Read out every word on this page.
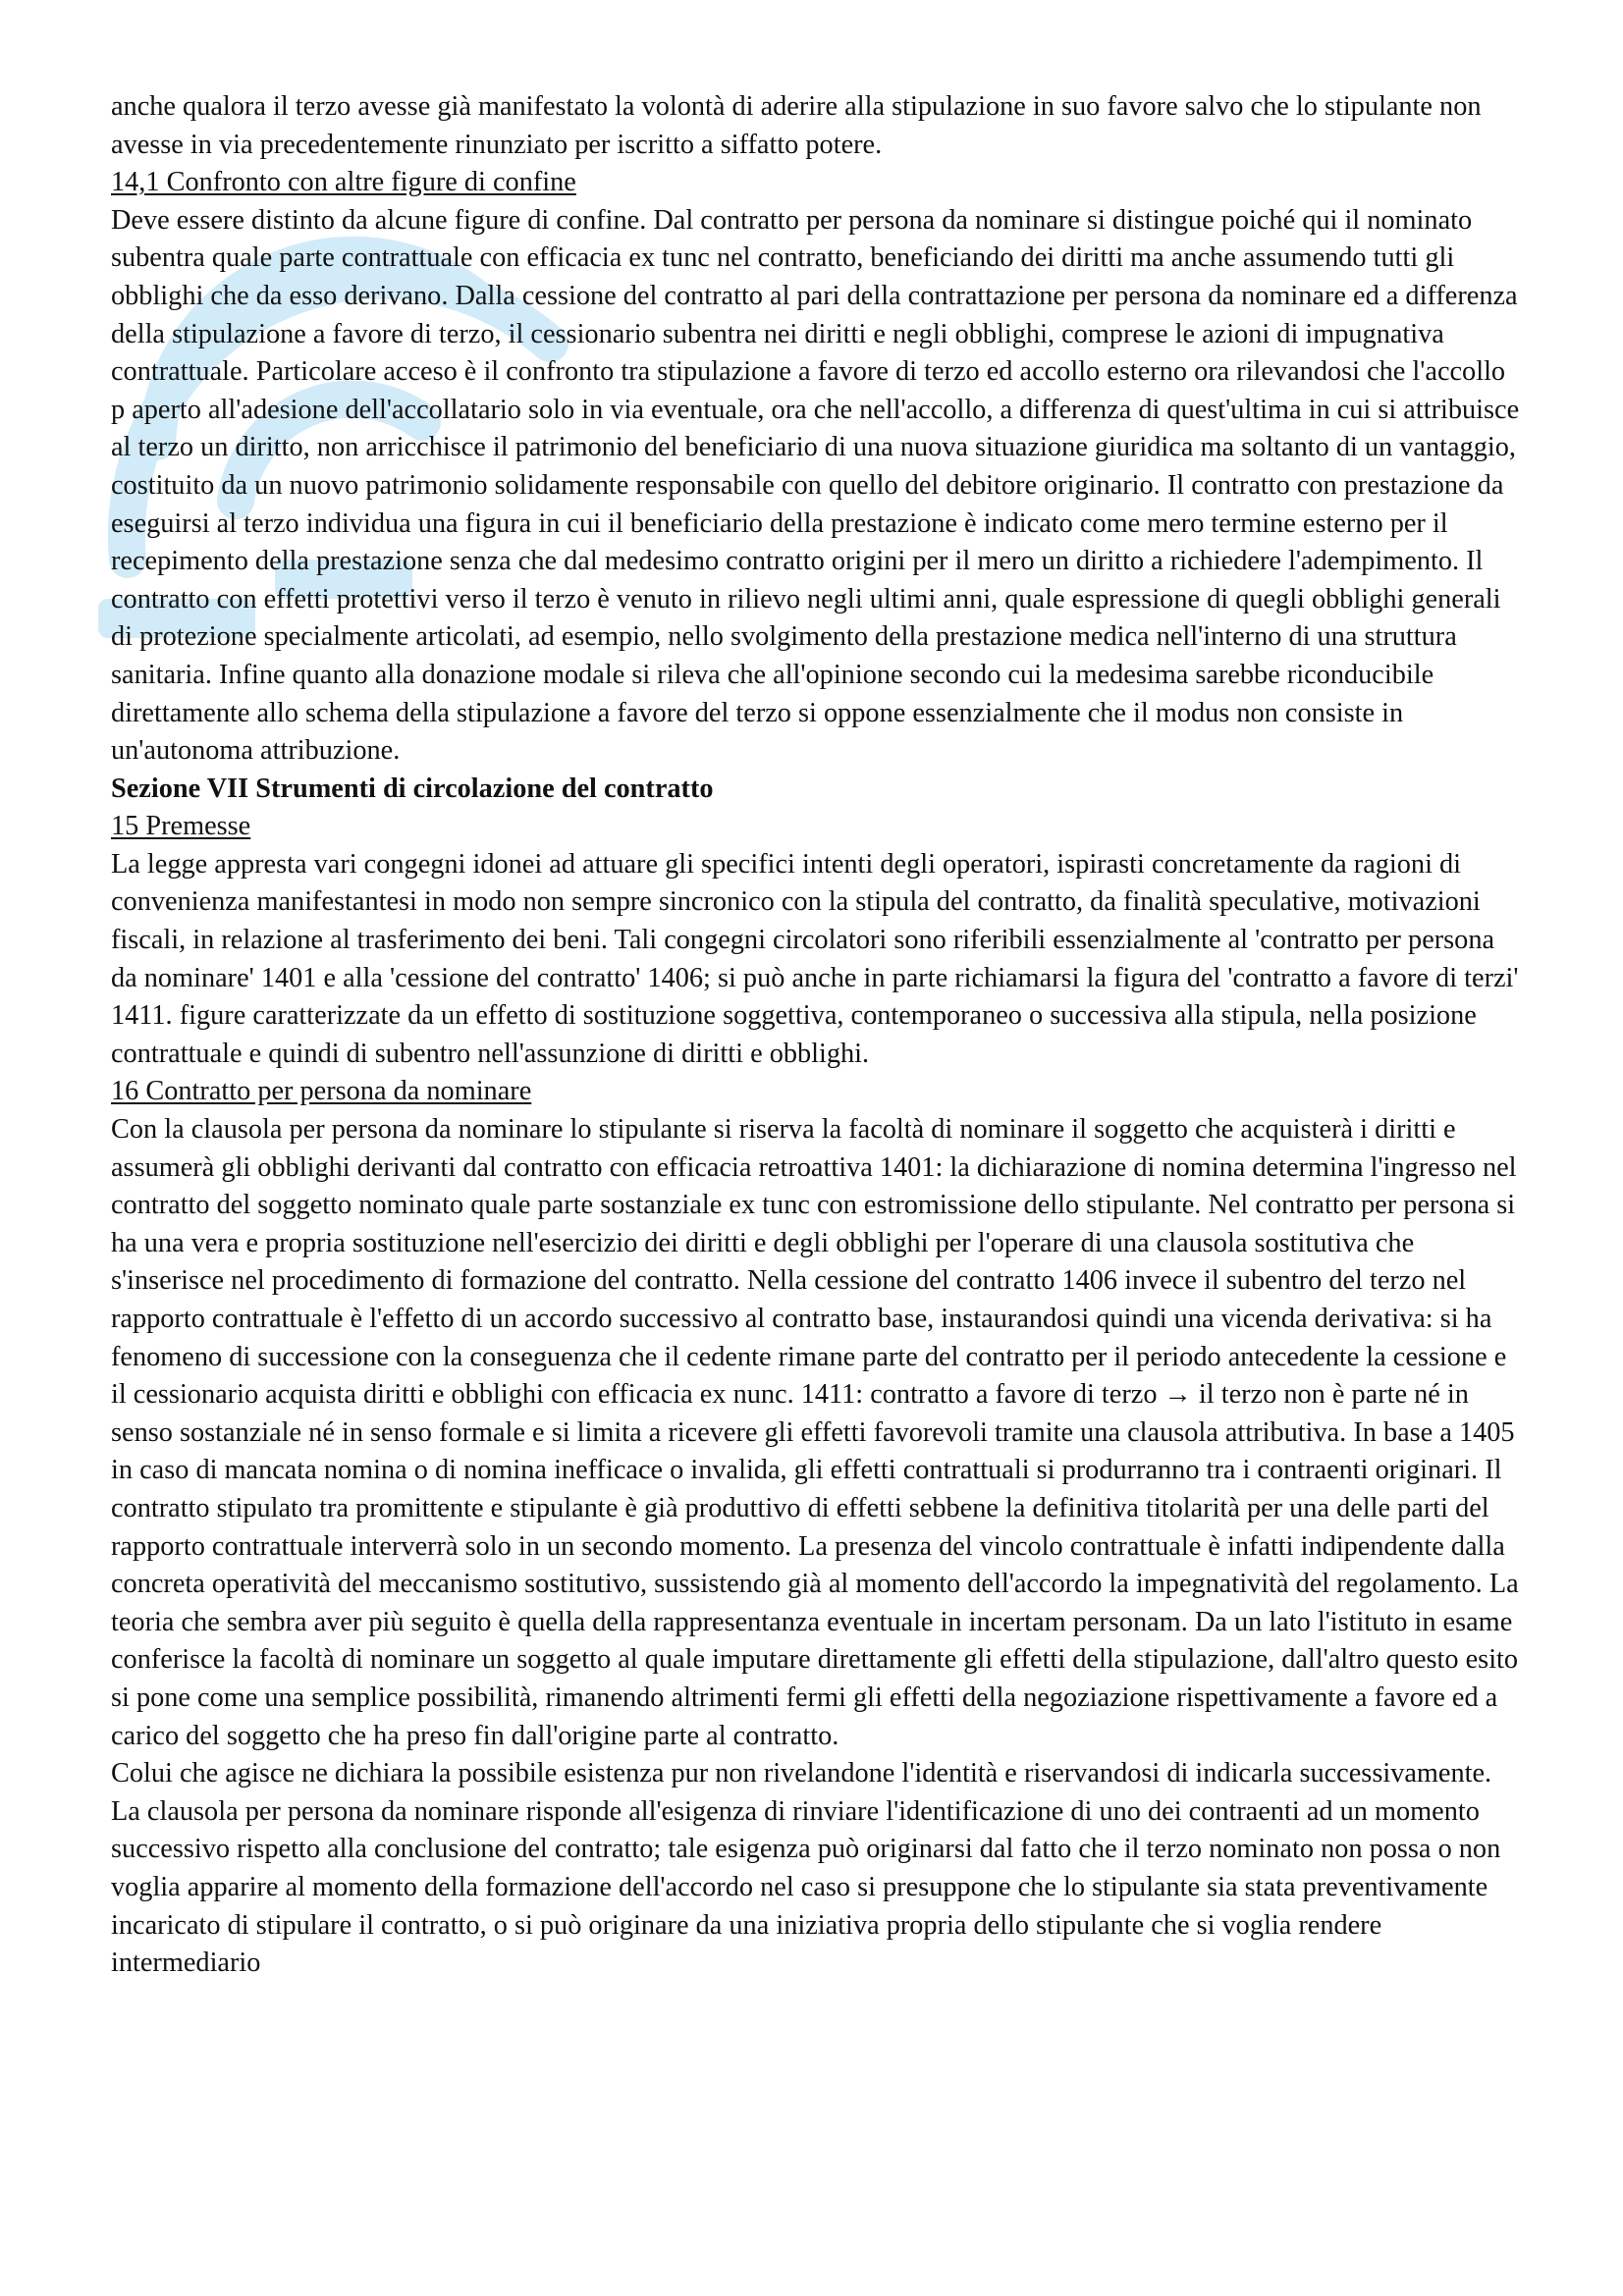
anche qualora il terzo avesse già manifestato la volontà di aderire alla stipulazione in suo favore salvo che lo stipulante non avesse in via precedentemente rinunziato per iscritto a siffatto potere.

14,1 Confronto con altre figure di confine

Deve essere distinto da alcune figure di confine. Dal contratto per persona da nominare si distingue poiché qui il nominato subentra quale parte contrattuale con efficacia ex tunc nel contratto, beneficiando dei diritti ma anche assumendo tutti gli obblighi che da esso derivano. Dalla cessione del contratto al pari della contrattazione per persona da nominare ed a differenza della stipulazione a favore di terzo, il cessionario subentra nei diritti e negli obblighi, comprese le azioni di impugnativa contrattuale. Particolare acceso è il confronto tra stipulazione a favore di terzo ed accollo esterno ora rilevandosi che l'accollo p aperto all'adesione dell'accollatario solo in via eventuale, ora che nell'accollo, a differenza di quest'ultima in cui si attribuisce al terzo un diritto, non arricchisce il patrimonio del beneficiario di una nuova situazione giuridica ma soltanto di un vantaggio, costituito da un nuovo patrimonio solidamente responsabile con quello del debitore originario. Il contratto con prestazione da eseguirsi al terzo individua una figura in cui il beneficiario della prestazione è indicato come mero termine esterno per il recepimento della prestazione senza che dal medesimo contratto origini per il mero un diritto a richiedere l'adempimento. Il contratto con effetti protettivi verso il terzo è venuto in rilievo negli ultimi anni, quale espressione di quegli obblighi generali di protezione specialmente articolati, ad esempio, nello svolgimento della prestazione medica nell'interno di una struttura sanitaria. Infine quanto alla donazione modale si rileva che all'opinione secondo cui la medesima sarebbe riconducibile direttamente allo schema della stipulazione a favore del terzo si oppone essenzialmente che il modus non consiste in un'autonoma attribuzione.

Sezione VII Strumenti di circolazione del contratto

15 Premesse

La legge appresta vari congegni idonei ad attuare gli specifici intenti degli operatori, ispirasti concretamente da ragioni di convenienza manifestantesi in modo non sempre sincronico con la stipula del contratto, da finalità speculative, motivazioni fiscali, in relazione al trasferimento dei beni. Tali congegni circolatori sono riferibili essenzialmente al 'contratto per persona da nominare' 1401 e alla 'cessione del contratto' 1406; si può anche in parte richiamarsi la figura del 'contratto a favore di terzi' 1411. figure caratterizzate da un effetto di sostituzione soggettiva, contemporaneo o successiva alla stipula, nella posizione contrattuale e quindi di subentro nell'assunzione di diritti e obblighi.

16 Contratto per persona da nominare

Con la clausola per persona da nominare lo stipulante si riserva la facoltà di nominare il soggetto che acquisterà i diritti e assumerà gli obblighi derivanti dal contratto con efficacia retroattiva 1401: la dichiarazione di nomina determina l'ingresso nel contratto del soggetto nominato quale parte sostanziale ex tunc con estromissione dello stipulante. Nel contratto per persona si ha una vera e propria sostituzione nell'esercizio dei diritti e degli obblighi per l'operare di una clausola sostitutiva che s'inserisce nel procedimento di formazione del contratto. Nella cessione del contratto 1406 invece il subentro del terzo nel rapporto contrattuale è l'effetto di un accordo successivo al contratto base, instaurandosi quindi una vicenda derivativa: si ha fenomeno di successione con la conseguenza che il cedente rimane parte del contratto per il periodo antecedente la cessione e il cessionario acquista diritti e obblighi con efficacia ex nunc. 1411: contratto a favore di terzo → il terzo non è parte né in senso sostanziale né in senso formale e si limita a ricevere gli effetti favorevoli tramite una clausola attributiva. In base a 1405 in caso di mancata nomina o di nomina inefficace o invalida, gli effetti contrattuali si produrranno tra i contraenti originari. Il contratto stipulato tra promittente e stipulante è già produttivo di effetti sebbene la definitiva titolarità per una delle parti del rapporto contrattuale interverrà solo in un secondo momento. La presenza del vincolo contrattuale è infatti indipendente dalla concreta operatività del meccanismo sostitutivo, sussistendo già al momento dell'accordo la impegnatività del regolamento. La teoria che sembra aver più seguito è quella della rappresentanza eventuale in incertam personam. Da un lato l'istituto in esame conferisce la facoltà di nominare un soggetto al quale imputare direttamente gli effetti della stipulazione, dall'altro questo esito si pone come una semplice possibilità, rimanendo altrimenti fermi gli effetti della negoziazione rispettivamente a favore ed a carico del soggetto che ha preso fin dall'origine parte al contratto.

Colui che agisce ne dichiara la possibile esistenza pur non rivelandone l'identità e riservandosi di indicarla successivamente. La clausola per persona da nominare risponde all'esigenza di rinviare l'identificazione di uno dei contraenti ad un momento successivo rispetto alla conclusione del contratto; tale esigenza può originarsi dal fatto che il terzo nominato non possa o non voglia apparire al momento della formazione dell'accordo nel caso si presuppone che lo stipulante sia stata preventivamente incaricato di stipulare il contratto, o si può originare da una iniziativa propria dello stipulante che si voglia rendere intermediario
